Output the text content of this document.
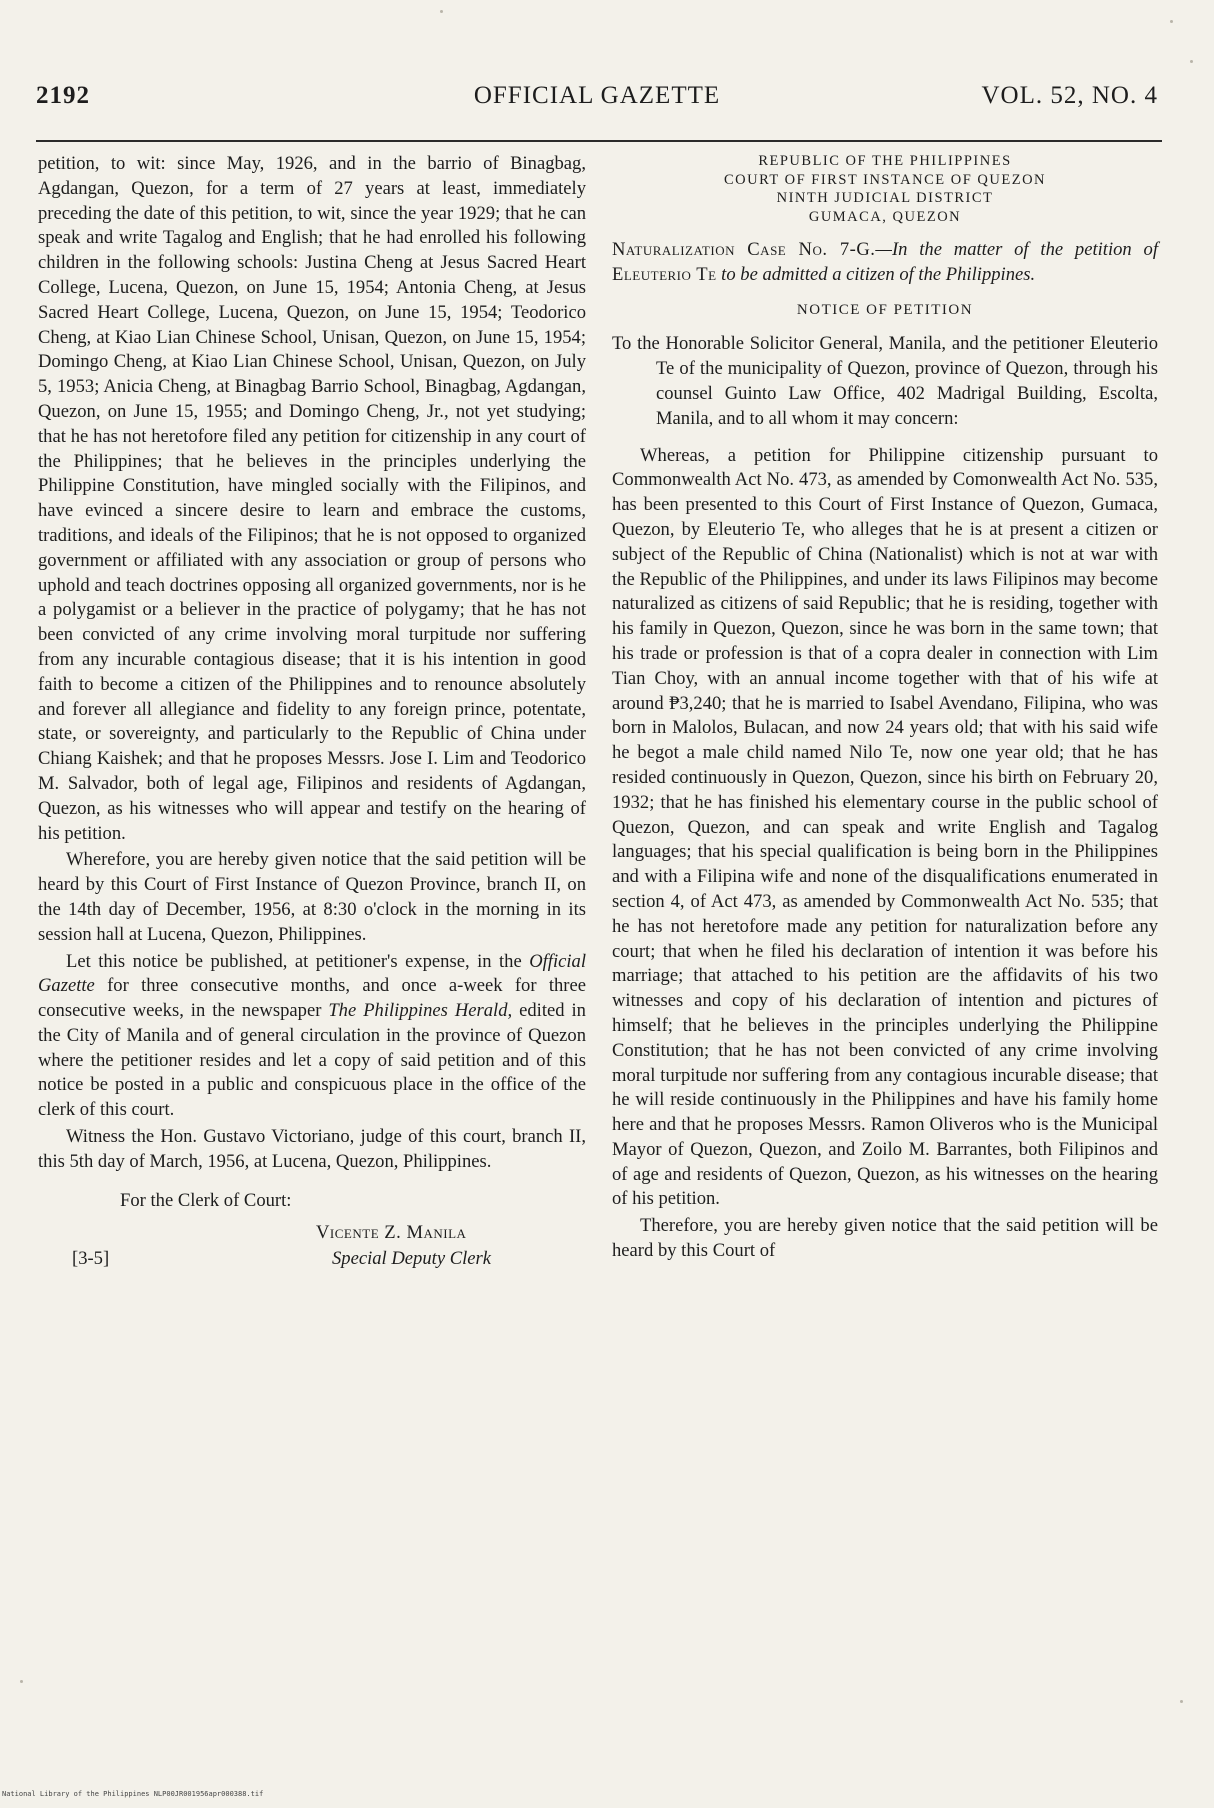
2192	OFFICIAL GAZETTE	VOL. 52, NO. 4

petition, to wit: since May, 1926, and in the barrio of Binagbag, Agdangan, Quezon, for a term of 27 years at least, immediately preceding the date of this petition, to wit, since the year 1929; that he can speak and write Tagalog and English; that he had enrolled his following children in the following schools: Justina Cheng at Jesus Sacred Heart College, Lucena, Quezon, on June 15, 1954; Antonia Cheng, at Jesus Sacred Heart College, Lucena, Quezon, on June 15, 1954; Teodorico Cheng, at Kiao Lian Chinese School, Unisan, Quezon, on June 15, 1954; Domingo Cheng, at Kiao Lian Chinese School, Unisan, Quezon, on July 5, 1953; Anicia Cheng, at Binagbag Barrio School, Binagbag, Agdangan, Quezon, on June 15, 1955; and Domingo Cheng, Jr., not yet studying; that he has not heretofore filed any petition for citizenship in any court of the Philippines; that he believes in the principles underlying the Philippine Constitution, have mingled socially with the Filipinos, and have evinced a sincere desire to learn and embrace the customs, traditions, and ideals of the Filipinos; that he is not opposed to organized government or affiliated with any association or group of persons who uphold and teach doctrines opposing all organized governments, nor is he a polygamist or a believer in the practice of polygamy; that he has not been convicted of any crime involving moral turpitude nor suffering from any incurable contagious disease; that it is his intention in good faith to become a citizen of the Philippines and to renounce absolutely and forever all allegiance and fidelity to any foreign prince, potentate, state, or sovereignty, and particularly to the Republic of China under Chiang Kaishek; and that he proposes Messrs. Jose I. Lim and Teodorico M. Salvador, both of legal age, Filipinos and residents of Agdangan, Quezon, as his witnesses who will appear and testify on the hearing of his petition.

Wherefore, you are hereby given notice that the said petition will be heard by this Court of First Instance of Quezon Province, branch II, on the 14th day of December, 1956, at 8:30 o'clock in the morning in its session hall at Lucena, Quezon, Philippines.

Let this notice be published, at petitioner's expense, in the Official Gazette for three consecutive months, and once a-week for three consecutive weeks, in the newspaper The Philippines Herald, edited in the City of Manila and of general circulation in the province of Quezon where the petitioner resides and let a copy of said petition and of this notice be posted in a public and conspicuous place in the office of the clerk of this court.

Witness the Hon. Gustavo Victoriano, judge of this court, branch II, this 5th day of March, 1956, at Lucena, Quezon, Philippines.

For the Clerk of Court:
[3-5]
Vicente Z. Manila
Special Deputy Clerk
REPUBLIC OF THE PHILIPPINES
COURT OF FIRST INSTANCE OF QUEZON
NINTH JUDICIAL DISTRICT
GUMACA, QUEZON

Naturalization Case No. 7-G.—In the matter of the petition of Eleuterio Te to be admitted a citizen of the Philippines.

NOTICE OF PETITION

To the Honorable Solicitor General, Manila, and the petitioner Eleuterio Te of the municipality of Quezon, province of Quezon, through his counsel Guinto Law Office, 402 Madrigal Building, Escolta, Manila, and to all whom it may concern:

Whereas, a petition for Philippine citizenship pursuant to Commonwealth Act No. 473, as amended by Comonwealth Act No. 535, has been presented to this Court of First Instance of Quezon, Gumaca, Quezon, by Eleuterio Te, who alleges that he is at present a citizen or subject of the Republic of China (Nationalist) which is not at war with the Republic of the Philippines, and under its laws Filipinos may become naturalized as citizens of said Republic; that he is residing, together with his family in Quezon, Quezon, since he was born in the same town; that his trade or profession is that of a copra dealer in connection with Lim Tian Choy, with an annual income together with that of his wife at around ₱3,240; that he is married to Isabel Avendano, Filipina, who was born in Malolos, Bulacan, and now 24 years old; that with his said wife he begot a male child named Nilo Te, now one year old; that he has resided continuously in Quezon, Quezon, since his birth on February 20, 1932; that he has finished his elementary course in the public school of Quezon, Quezon, and can speak and write English and Tagalog languages; that his special qualification is being born in the Philippines and with a Filipina wife and none of the disqualifications enumerated in section 4, of Act 473, as amended by Commonwealth Act No. 535; that he has not heretofore made any petition for naturalization before any court; that when he filed his declaration of intention it was before his marriage; that attached to his petition are the affidavits of his two witnesses and copy of his declaration of intention and pictures of himself; that he believes in the principles underlying the Philippine Constitution; that he has not been convicted of any crime involving moral turpitude nor suffering from any contagious incurable disease; that he will reside continuously in the Philippines and have his family home here and that he proposes Messrs. Ramon Oliveros who is the Municipal Mayor of Quezon, Quezon, and Zoilo M. Barrantes, both Filipinos and of age and residents of Quezon, Quezon, as his witnesses on the hearing of his petition.

Therefore, you are hereby given notice that the said petition will be heard by this Court of

National Library of the Philippines NLP00JR001956apr000388.tif
